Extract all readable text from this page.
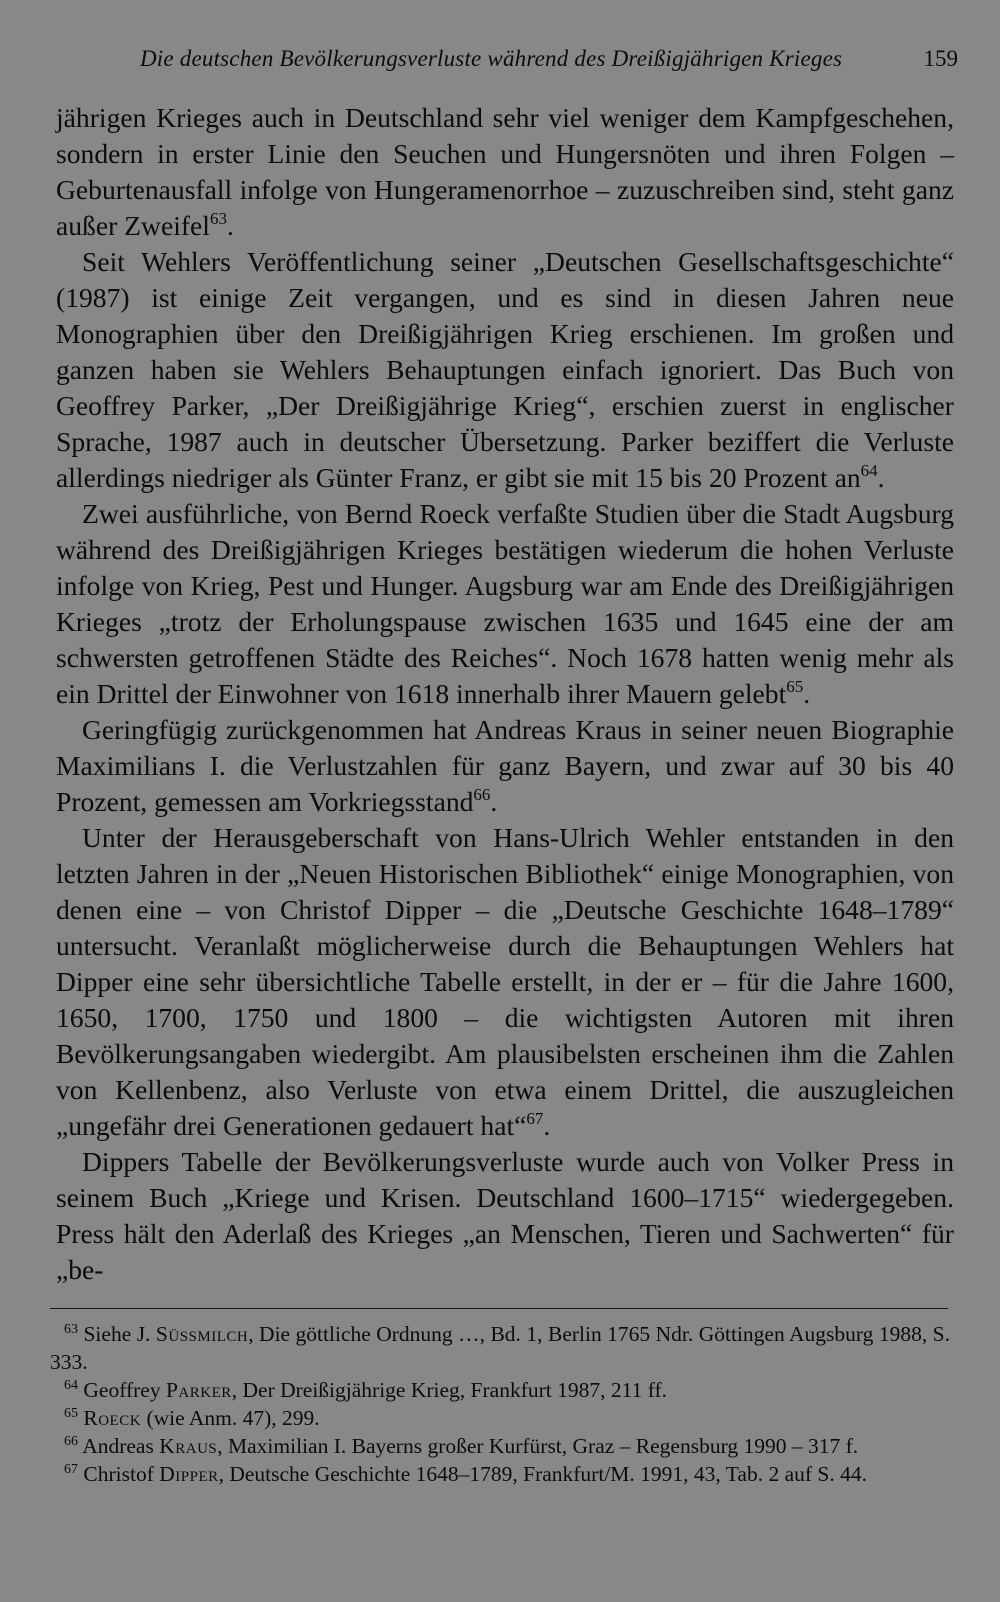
Die deutschen Bevölkerungsverluste während des Dreißigjährigen Krieges	159

jährigen Krieges auch in Deutschland sehr viel weniger dem Kampfgeschehen, sondern in erster Linie den Seuchen und Hungersnöten und ihren Folgen – Geburtenausfall infolge von Hungeramenorrhoe – zuzuschreiben sind, steht ganz außer Zweifel$^{63}$.

Seit Wehlers Veröffentlichung seiner „Deutschen Gesellschaftsgeschichte“ (1987) ist einige Zeit vergangen, und es sind in diesen Jahren neue Monographien über den Dreißigjährigen Krieg erschienen. Im großen und ganzen haben sie Wehlers Behauptungen einfach ignoriert. Das Buch von Geoffrey Parker, „Der Dreißigjährige Krieg“, erschien zuerst in englischer Sprache, 1987 auch in deutscher Übersetzung. Parker beziffert die Verluste allerdings niedriger als Günter Franz, er gibt sie mit 15 bis 20 Prozent $an^{64}$.

Zwei ausführliche, von Bernd Roeck verfaßte Studien über die Stadt Augsburg während des Dreißigjährigen Krieges bestätigen wiederum die hohen Verluste infolge von Krieg, Pest und Hunger. Augsburg war am Ende des Dreißigjährigen Krieges „trotz der Erholungspause zwischen 1635 und 1645 eine der am schwersten getroffenen Städte des Reiches“. Noch 1678 hatten wenig mehr als ein Drittel der Einwohner von 1618 innerhalb ihrer Mauern gelebt$^{65}$.

Geringfügig zurückgenommen hat Andreas Kraus in seiner neuen Biographie Maximilians I. die Verlustzahlen für ganz Bayern, und zwar auf 30 bis 40 Prozent, gemessen am Vorkriegsstand$^{66}$.

Unter der Herausgeberschaft von Hans-Ulrich Wehler entstanden in den letzten Jahren in der „Neuen Historischen Bibliothek“ einige Monographien, von denen eine – von Christof Dipper – die „Deutsche Geschichte 1648–1789“ untersucht. Veranlaßt möglicherweise durch die Behauptungen Wehlers hat Dipper eine sehr übersichtliche Tabelle erstellt, in der er – für die Jahre 1600, 1650, 1700, 1750 und 1800 – die wichtigsten Autoren mit ihren Bevölkerungsangaben wiedergibt. Am plausibelsten erscheinen ihm die Zahlen von Kellenbenz, also Verluste von etwa einem Drittel, die auszugleichen „ungefähr drei Generationen gedauert hat“$^{67}$.

Dippers Tabelle der Bevölkerungsverluste wurde auch von Volker Press in seinem Buch „Kriege und Krisen. Deutschland 1600–1715“ wiedergegeben. Press hält den Aderlaß des Krieges „an Menschen, Tieren und Sachwerten“ für „be-

$^{63}$ Siehe J. Süssmilch, Die göttliche Ordnung …, Bd. 1, Berlin 1765 Ndr. Göttingen Augsburg 1988, S. 333.

$^{64}$ Geoffrey Parker, Der Dreißigjährige Krieg, Frankfurt 1987, 211 ff.

$^{65}$ Roeck (wie Anm. 47), 299.

$^{66}$ Andreas Kraus, Maximilian I. Bayerns großer Kurfürst, Graz – Regensburg 1990 – 317 f.

$^{67}$ Christof Dipper, Deutsche Geschichte 1648–1789, Frankfurt/M. 1991, 43, Tab. 2 auf S. 44.
